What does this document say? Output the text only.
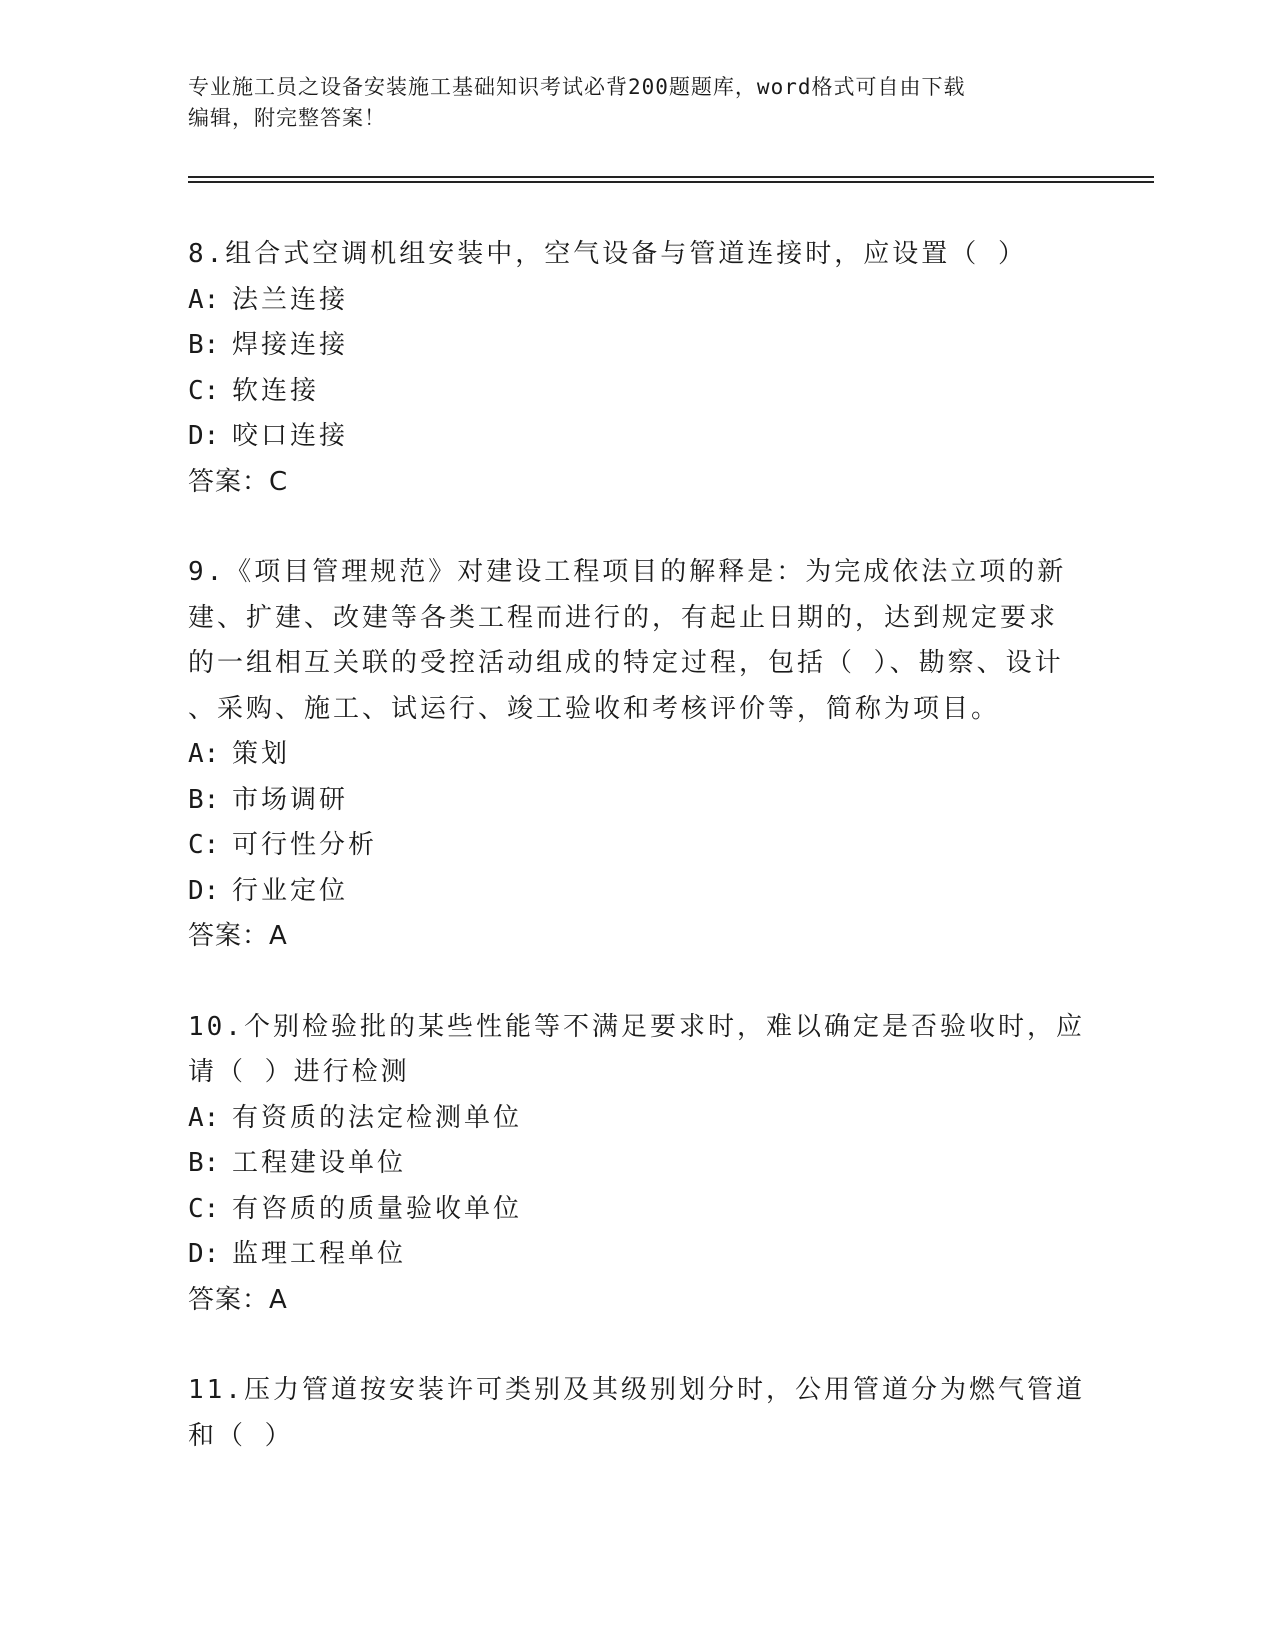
专业施工员之设备安装施工基础知识考试必背200题题库，word格式可自由下载
编辑，附完整答案！
8.组合式空调机组安装中，空气设备与管道连接时，应设置（ ）
A: 法兰连接
B: 焊接连接
C: 软连接
D: 咬口连接
答案：C
9.《项目管理规范》对建设工程项目的解释是：为完成依法立项的新
建、扩建、改建等各类工程而进行的，有起止日期的，达到规定要求
的一组相互关联的受控活动组成的特定过程，包括（ ）、勘察、设计
、采购、施工、试运行、竣工验收和考核评价等，简称为项目。
A: 策划
B: 市场调研
C: 可行性分析
D: 行业定位
答案：A
10.个别检验批的某些性能等不满足要求时，难以确定是否验收时，应
请（ ）进行检测
A: 有资质的法定检测单位
B: 工程建设单位
C: 有咨质的质量验收单位
D: 监理工程单位
答案：A
11.压力管道按安装许可类别及其级别划分时，公用管道分为燃气管道
和（ ）
